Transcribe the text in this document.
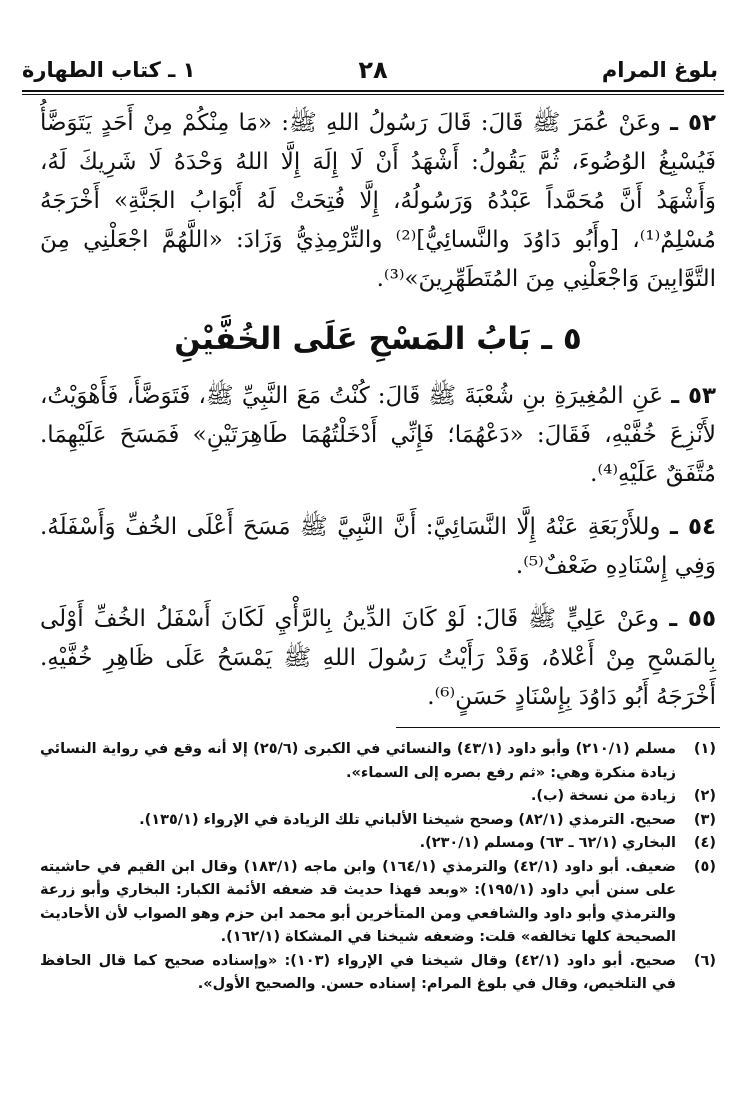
بلوغ المرام
٢٨
١ ـ كتاب الطهارة

٥٢ ـ وعَنْ عُمَرَ ﷺ قَالَ: قَالَ رَسُولُ اللهِ ﷺ: «مَا مِنْكُمْ مِنْ أَحَدٍ يَتَوَضَّأُ فَيُسْبِغُ الوُضُوءَ، ثُمَّ يَقُولُ: أَشْهَدُ أَنْ لَا إِلَهَ إِلَّا اللهُ وَحْدَهُ لَا شَرِيكَ لَهُ، وَأَشْهَدُ أَنَّ مُحَمَّداً عَبْدُهُ وَرَسُولُهُ، إِلَّا فُتِحَتْ لَهُ أَبْوَابُ الجَنَّةِ» أَخْرَجَهُ مُسْلِمٌ⁽¹⁾، [وأَبُو دَاوُدَ والنَّسائِيُّ]⁽²⁾ والتِّرْمِذِيُّ وَزَادَ: «اللَّهُمَّ اجْعَلْنِي مِنَ التَّوَّابِينَ وَاجْعَلْنِي مِنَ المُتَطَهِّرِينَ»⁽³⁾.

٥ ـ بَابُ المَسْحِ عَلَى الخُفَّيْنِ

٥٣ ـ عَنِ المُغِيرَةِ بنِ شُعْبَةَ ﷺ قَالَ: كُنْتُ مَعَ النَّبِيِّ ﷺ، فَتَوَضَّأَ، فَأَهْوَيْتُ، لأَنْزِعَ خُفَّيْهِ، فَقَالَ: «دَعْهُمَا؛ فَإِنِّي أَدْخَلْتُهُمَا طَاهِرَتَيْنِ» فَمَسَحَ عَلَيْهِمَا. مُتَّفَقٌ عَلَيْهِ⁽⁴⁾.

٥٤ ـ وللأَرْبَعَةِ عَنْهُ إِلَّا النَّسَائِيَّ: أَنَّ النَّبِيَّ ﷺ مَسَحَ أَعْلَى الخُفِّ وَأَسْفَلَهُ. وَفِي إِسْنَادِهِ ضَعْفٌ⁽⁵⁾.

٥٥ ـ وعَنْ عَلِيٍّ ﷺ قَالَ: لَوْ كَانَ الدِّينُ بِالرَّأْيِ لَكَانَ أَسْفَلُ الخُفِّ أَوْلَى بِالمَسْحِ مِنْ أَعْلاهُ، وَقَدْ رَأَيْتُ رَسُولَ اللهِ ﷺ يَمْسَحُ عَلَى ظَاهِرِ خُفَّيْهِ. أَخْرَجَهُ أَبُو دَاوُدَ بِإِسْنَادٍ حَسَنٍ⁽⁶⁾.

(١)
مسلم (٢١٠/١) وأبو داود (٤٣/١) والنسائي في الكبرى (٢٥/٦) إلا أنه وقع في رواية النسائي زيادة منكرة وهي: «ثم رفع بصره إلى السماء».
(٢)
زيادة من نسخة (ب).
(٣)
صحيح. الترمذي (٨٢/١) وصحح شيخنا الألباني تلك الزيادة في الإرواء (١٣٥/١).
(٤)
البخاري (٦٢/١ ـ ٦٣) ومسلم (٢٣٠/١).
(٥)
ضعيف. أبو داود (٤٢/١) والترمذي (١٦٤/١) وابن ماجه (١٨٣/١) وقال ابن القيم في حاشيته على سنن أبي داود (١٩٥/١): «وبعد فهذا حديث قد ضعفه الأئمة الكبار: البخاري وأبو زرعة والترمذي وأبو داود والشافعي ومن المتأخرين أبو محمد ابن حزم وهو الصواب لأن الأحاديث الصحيحة كلها تخالفه» قلت: وضعفه شيخنا في المشكاة (١٦٢/١).
(٦)
صحيح. أبو داود (٤٢/١) وقال شيخنا في الإرواء (١٠٣): «وإسناده صحيح كما قال الحافظ في التلخيص، وقال في بلوغ المرام: إسناده حسن. والصحيح الأول».
